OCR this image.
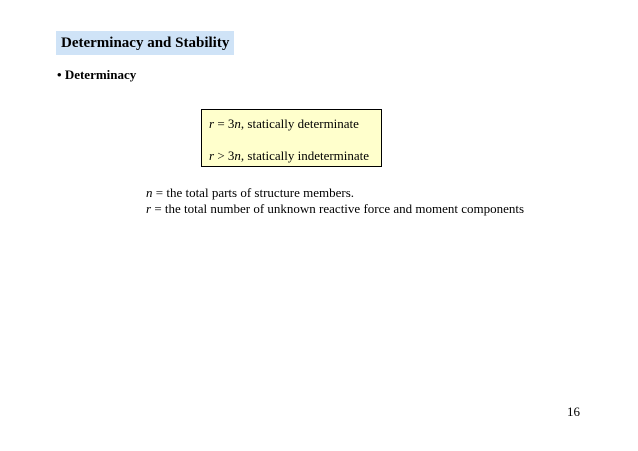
Determinacy and Stability
• Determinacy
r = 3n, statically determinate
r > 3n, statically indeterminate
n = the total parts of structure members.
r = the total number of unknown reactive force and moment components
16
